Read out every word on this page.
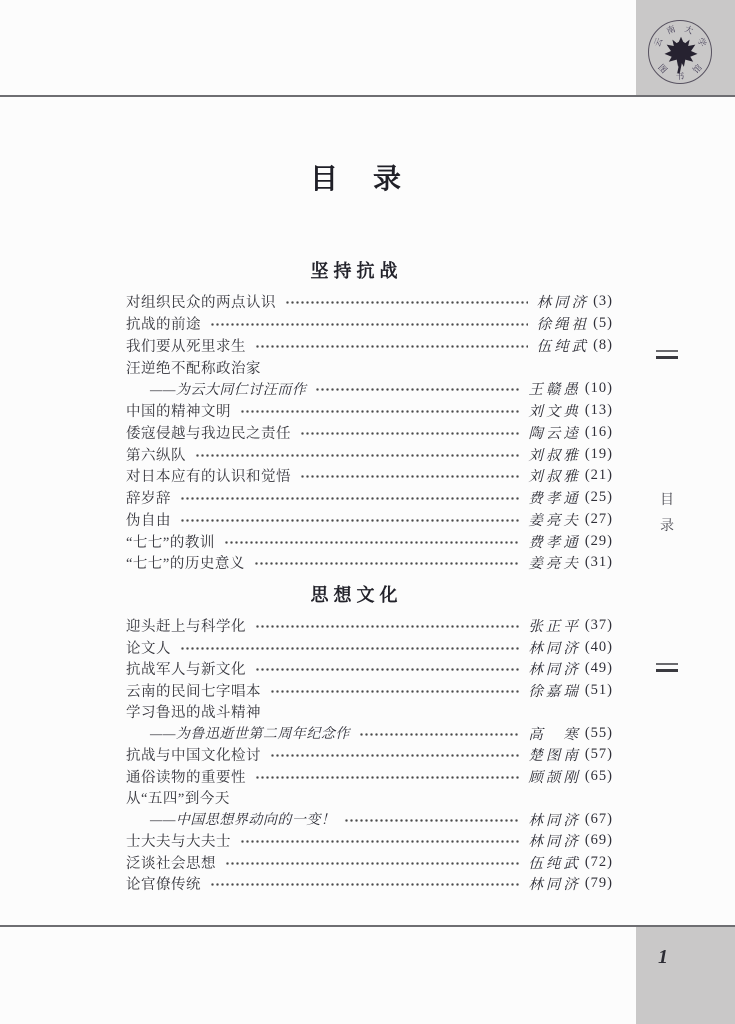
云
南 大
学
图
书
馆
目 录
坚持抗战
对组织民众的两点认识	林同济 (3)
抗战的前途	徐绳祖 (5)
我们要从死里求生	伍纯武 (8)
汪逆绝不配称政治家
——为云大同仁讨汪而作	王赣愚 (10)
中国的精神文明	刘文典 (13)
倭寇侵越与我边民之责任	陶云逵 (16)
第六纵队	刘叔雅 (19)
对日本应有的认识和觉悟	刘叔雅 (21)
辞岁辞	费孝通 (25)
伪自由	姜亮夫 (27)
“七七”的教训	费孝通 (29)
“七七”的历史意义	姜亮夫 (31)
思想文化
迎头赶上与科学化	张正平 (37)
论文人	林同济 (40)
抗战军人与新文化	林同济 (49)
云南的民间七字唱本	徐嘉瑞 (51)
学习鲁迅的战斗精神
——为鲁迅逝世第二周年纪念作	高　寒 (55)
抗战与中国文化检讨	楚图南 (57)
通俗读物的重要性	顾颉刚 (65)
从“五四”到今天
——中国思想界动向的一变！	林同济 (67)
士大夫与大夫士	林同济 (69)
泛谈社会思想	伍纯武 (72)
论官僚传统	林同济 (79)
目
录
1
